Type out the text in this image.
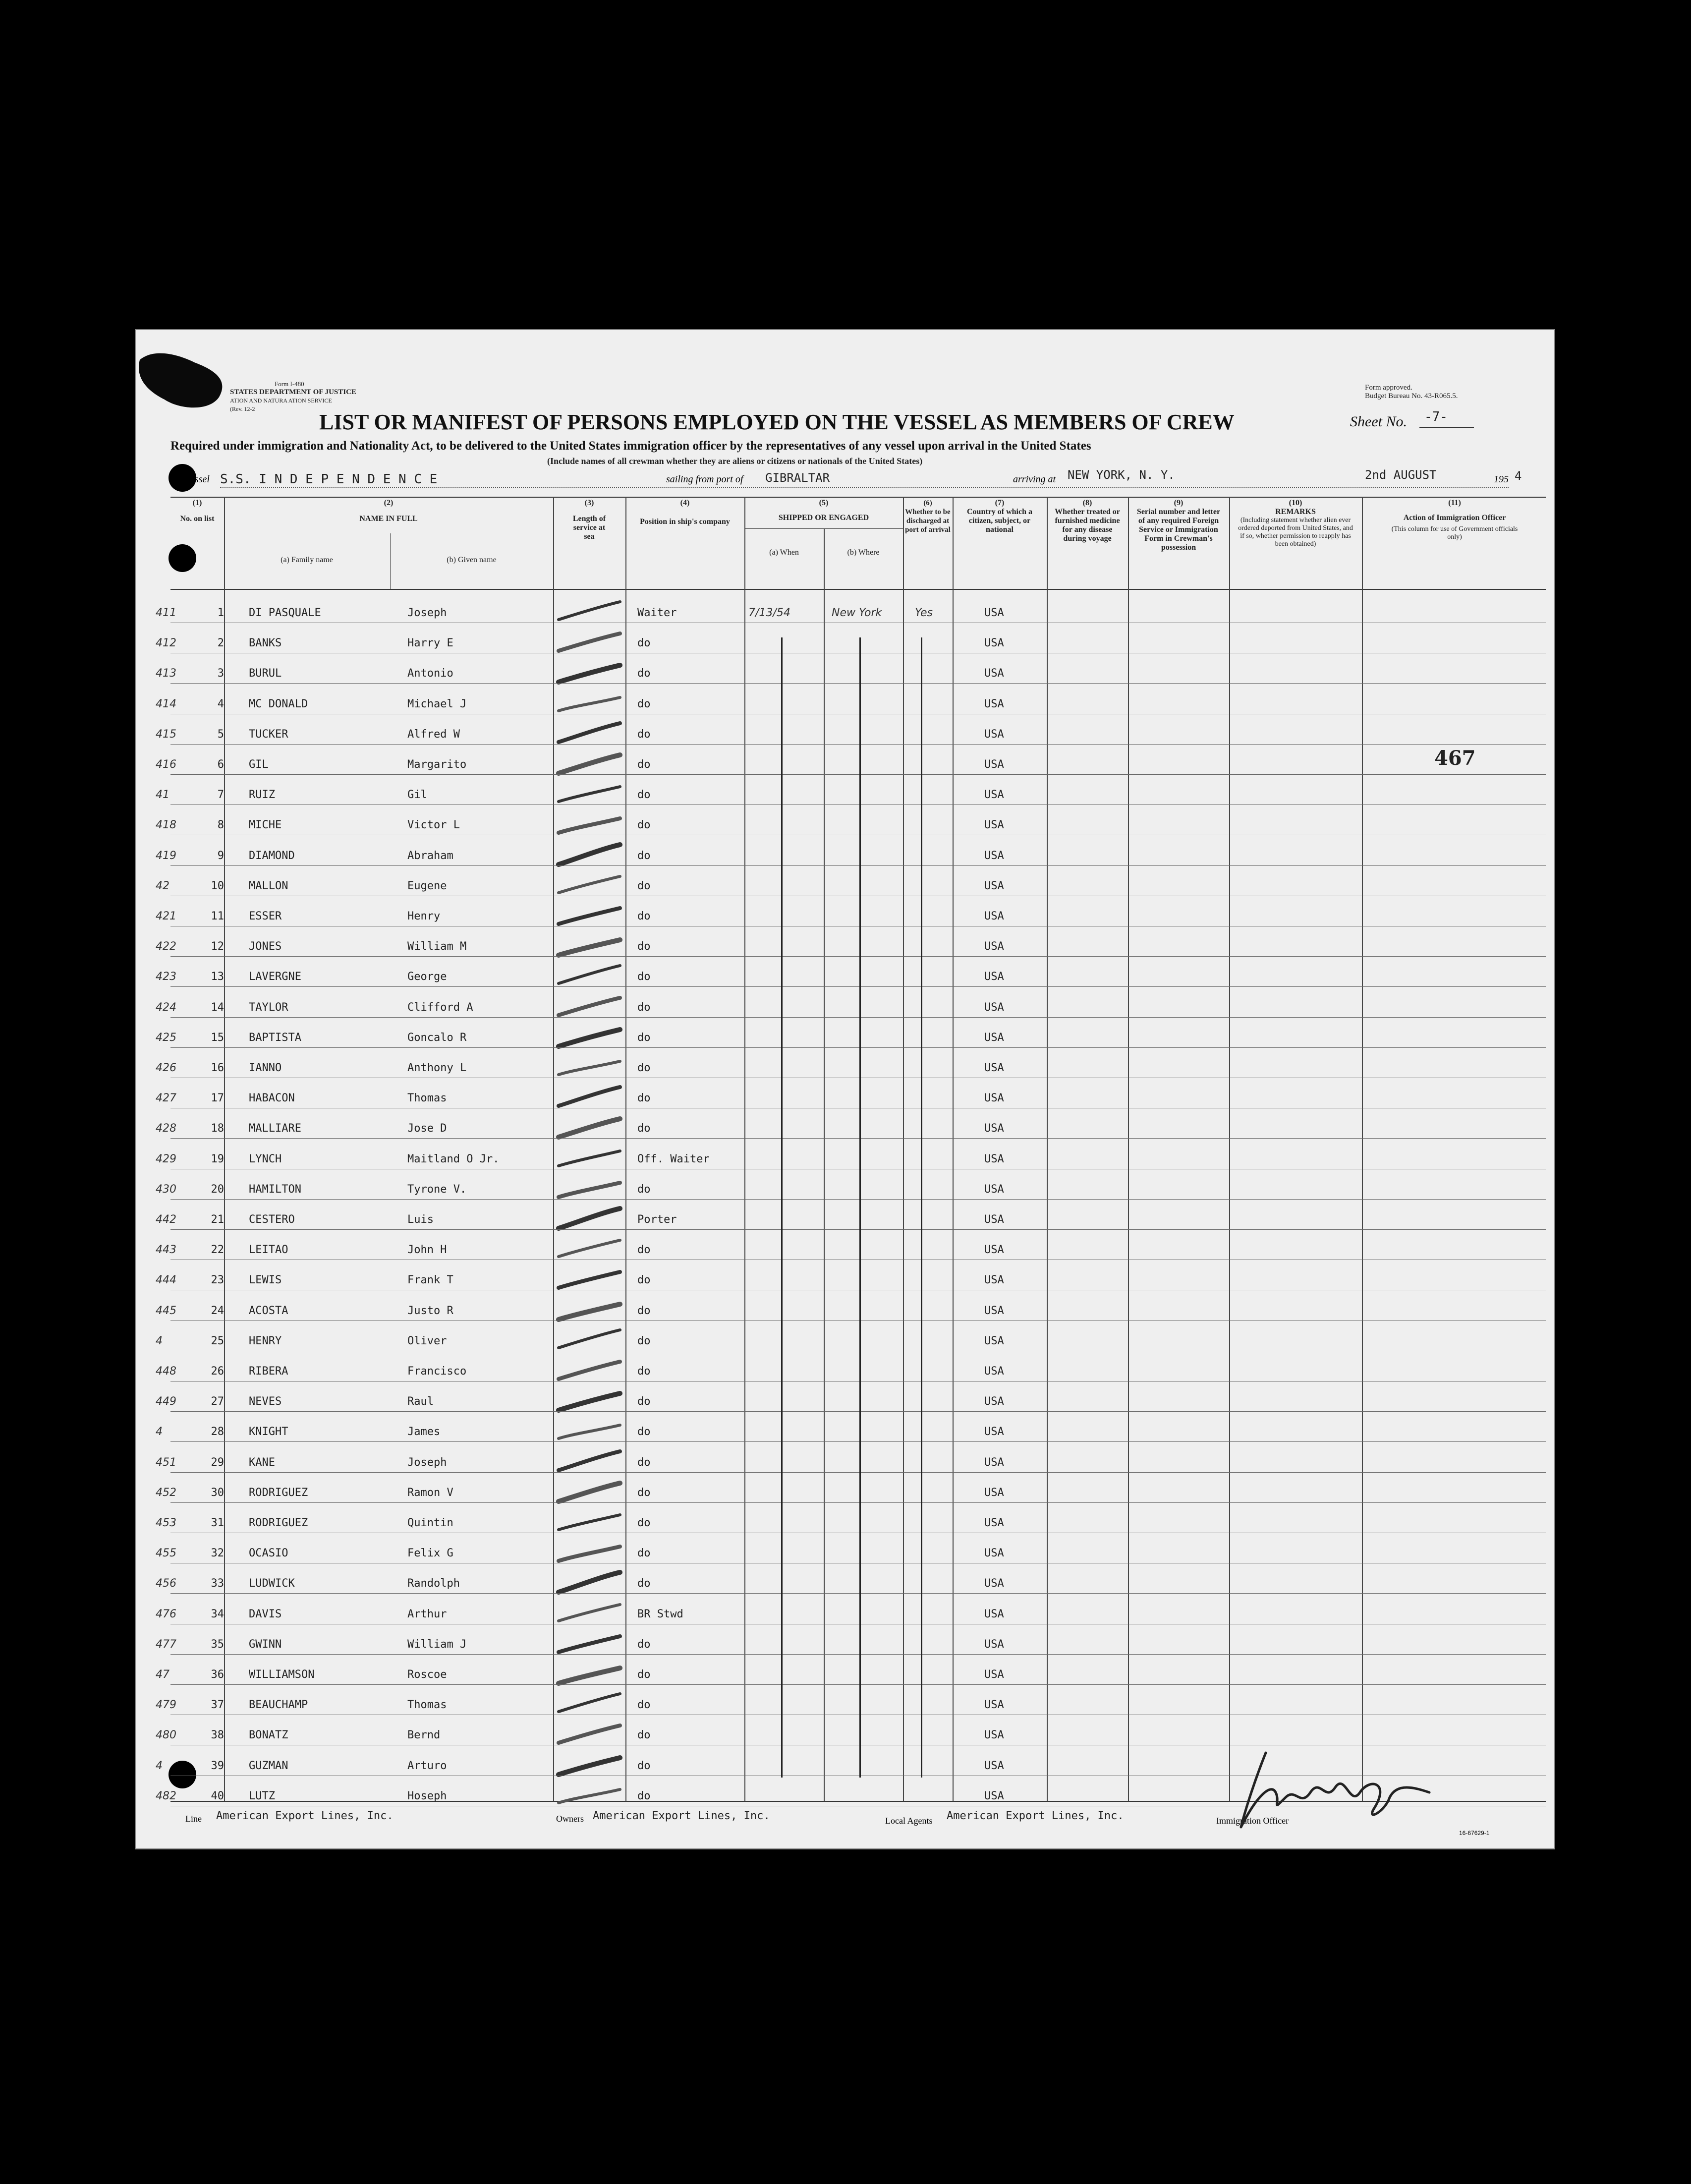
Form I-480
STATES DEPARTMENT OF JUSTICE
ATION AND NATURA ATION SERVICE
(Rev. 12-2
Form approved.
Budget Bureau No. 43-R065.5.
LIST OR MANIFEST OF PERSONS EMPLOYED ON THE VESSEL AS MEMBERS OF CREW	Sheet No. -7-
Required under immigration and Nationality Act, to be delivered to the United States immigration officer by the representatives of any vessel upon arrival in the United States
(Include names of all crewman whether they are aliens or citizens or nationals of the United States)
Vessel S.S. I N D E P E N D E N C E	sailing from port of GIBRALTAR	arriving at NEW YORK, N. Y.	2nd AUGUST	195 4
(1)
No. on list
(2)
NAME IN FULL
(a) Family name	(b) Given name
(3)
Length of service at sea
(4)
Position in ship's company
(5)
SHIPPED OR ENGAGED
(a) When	(b) Where
(6)
Whether to be discharged at port of arrival
(7)
Country of which a citizen, subject, or national
(8)
Whether treated or furnished medicine for any disease during voyage
(9)
Serial number and letter of any required Foreign Service or Immigration Form in Crewman's possession
(10)
REMARKS
(Including statement whether alien ever ordered deported from United States, and if so, whether permission to reapply has been obtained)
(11)
Action of Immigration Officer
(This column for use of Government officials only)
411	1 DI PASQUALE	Joseph	Waiter	7/13/54	New York	Yes	USA
412	2 BANKS	Harry E	do	USA
413	3 BURUL	Antonio	do	USA
414	4 MC DONALD	Michael J	do	USA
415	5 TUCKER	Alfred W	do	USA
416	6 GIL	Margarito	do	USA
41	7 RUIZ	Gil	do	USA
418	8 MICHE	Victor L	do	USA
419	9 DIAMOND	Abraham	do	USA
42	10 MALLON	Eugene	do	USA
421	11 ESSER	Henry	do	USA
422	12 JONES	William M	do	USA
423	13 LAVERGNE	George	do	USA
424	14 TAYLOR	Clifford A	do	USA
425	15 BAPTISTA	Goncalo R	do	USA
426	16 IANNO	Anthony L	do	USA
427	17 HABACON	Thomas	do	USA
428	18 MALLIARE	Jose D	do	USA
429	19 LYNCH	Maitland O Jr.	Off. Waiter	USA
430	20 HAMILTON	Tyrone V.	do	USA
442	21 CESTERO	Luis	Porter	USA
443	22 LEITAO	John H	do	USA
444	23 LEWIS	Frank T	do	USA
445	24 ACOSTA	Justo R	do	USA
4	25 HENRY	Oliver	do	USA
448	26 RIBERA	Francisco	do	USA
449	27 NEVES	Raul	do	USA
4	28 KNIGHT	James	do	USA
451	29 KANE	Joseph	do	USA
452	30 RODRIGUEZ	Ramon V	do	USA
453	31 RODRIGUEZ	Quintin	do	USA
455	32 OCASIO	Felix G	do	USA
456	33 LUDWICK	Randolph	do	USA
476	34 DAVIS	Arthur	BR Stwd	USA
477	35 GWINN	William J	do	USA
47	36 WILLIAMSON	Roscoe	do	USA
479	37 BEAUCHAMP	Thomas	do	USA
480	38 BONATZ	Bernd	do	USA
4	39 GUZMAN	Arturo	do	USA
482	40 LUTZ	Hoseph	do	USA
467
Line American Export Lines, Inc.	Owners American Export Lines, Inc.	Local Agents American Export Lines, Inc.	Immigration Officer
16-67629-1
